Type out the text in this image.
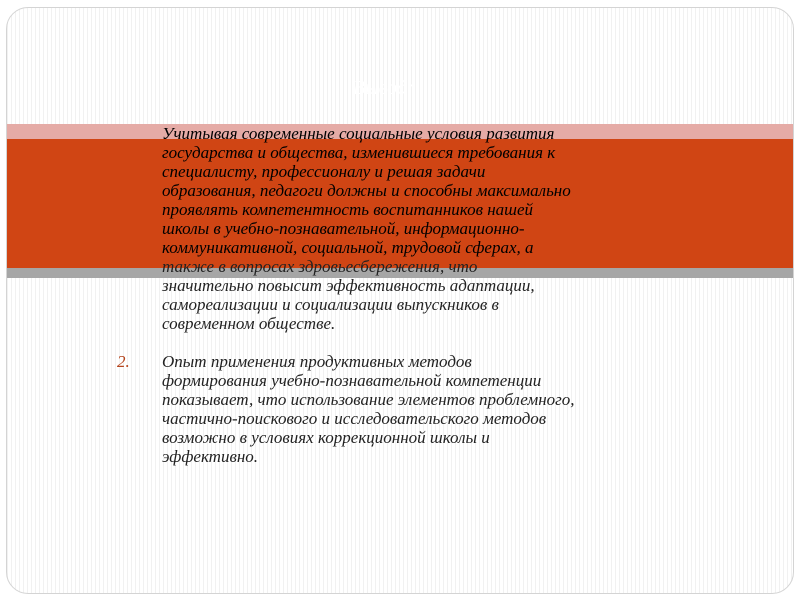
Вывод:
Учитывая современные социальные условия развития
государства и общества, изменившиеся требования к
специалисту, профессионалу и решая задачи
образования, педагоги должны и способны максимально
проявлять компетентность воспитанников нашей
школы в учебно-познавательной, информационно-
коммуникативной, социальной, трудовой сферах, а
также в вопросах здровьесбережения, что
значительно повысит эффективность адаптации,
самореализации и социализации выпускников в
современном обществе.
2. Опыт применения продуктивных методов
формирования учебно-познавательной компетенции
показывает, что использование элементов проблемного,
частично-поискового и исследовательского методов
возможно в условиях коррекционной школы и
эффективно.
